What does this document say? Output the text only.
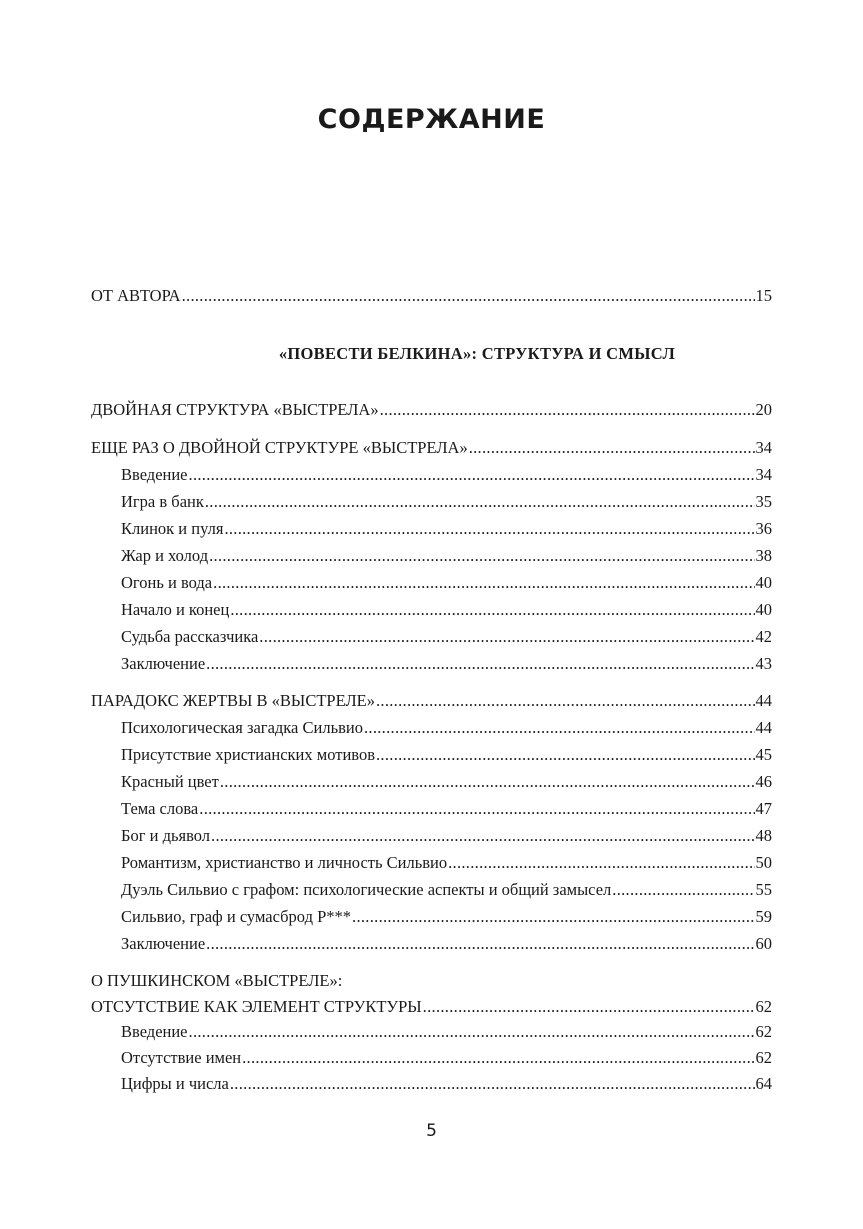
СОДЕРЖАНИЕ
ОТ АВТОРА .....	15
«ПОВЕСТИ БЕЛКИНА»: СТРУКТУРА И СМЫСЛ
ДВОЙНАЯ СТРУКТУРА «ВЫСТРЕЛА» .....	20
ЕЩЕ РАЗ О ДВОЙНОЙ СТРУКТУРЕ «ВЫСТРЕЛА» .....	34
Введение .....	34
Игра в банк .....	35
Клинок и пуля .....	36
Жар и холод .....	38
Огонь и вода .....	40
Начало и конец .....	40
Судьба рассказчика .....	42
Заключение .....	43
ПАРАДОКС ЖЕРТВЫ В «ВЫСТРЕЛЕ» .....	44
Психологическая загадка Сильвио .....	44
Присутствие христианских мотивов .....	45
Красный цвет .....	46
Тема слова .....	47
Бог и дьявол .....	48
Романтизм, христианство и личность Сильвио .....	50
Дуэль Сильвио с графом: психологические аспекты и общий замысел .....	55
Сильвио, граф и сумасброд Р*** .....	59
Заключение .....	60
О ПУШКИНСКОМ «ВЫСТРЕЛЕ»:
ОТСУТСТВИЕ КАК ЭЛЕМЕНТ СТРУКТУРЫ .....	62
Введение .....	62
Отсутствие имен .....	62
Цифры и числа .....	64
5
